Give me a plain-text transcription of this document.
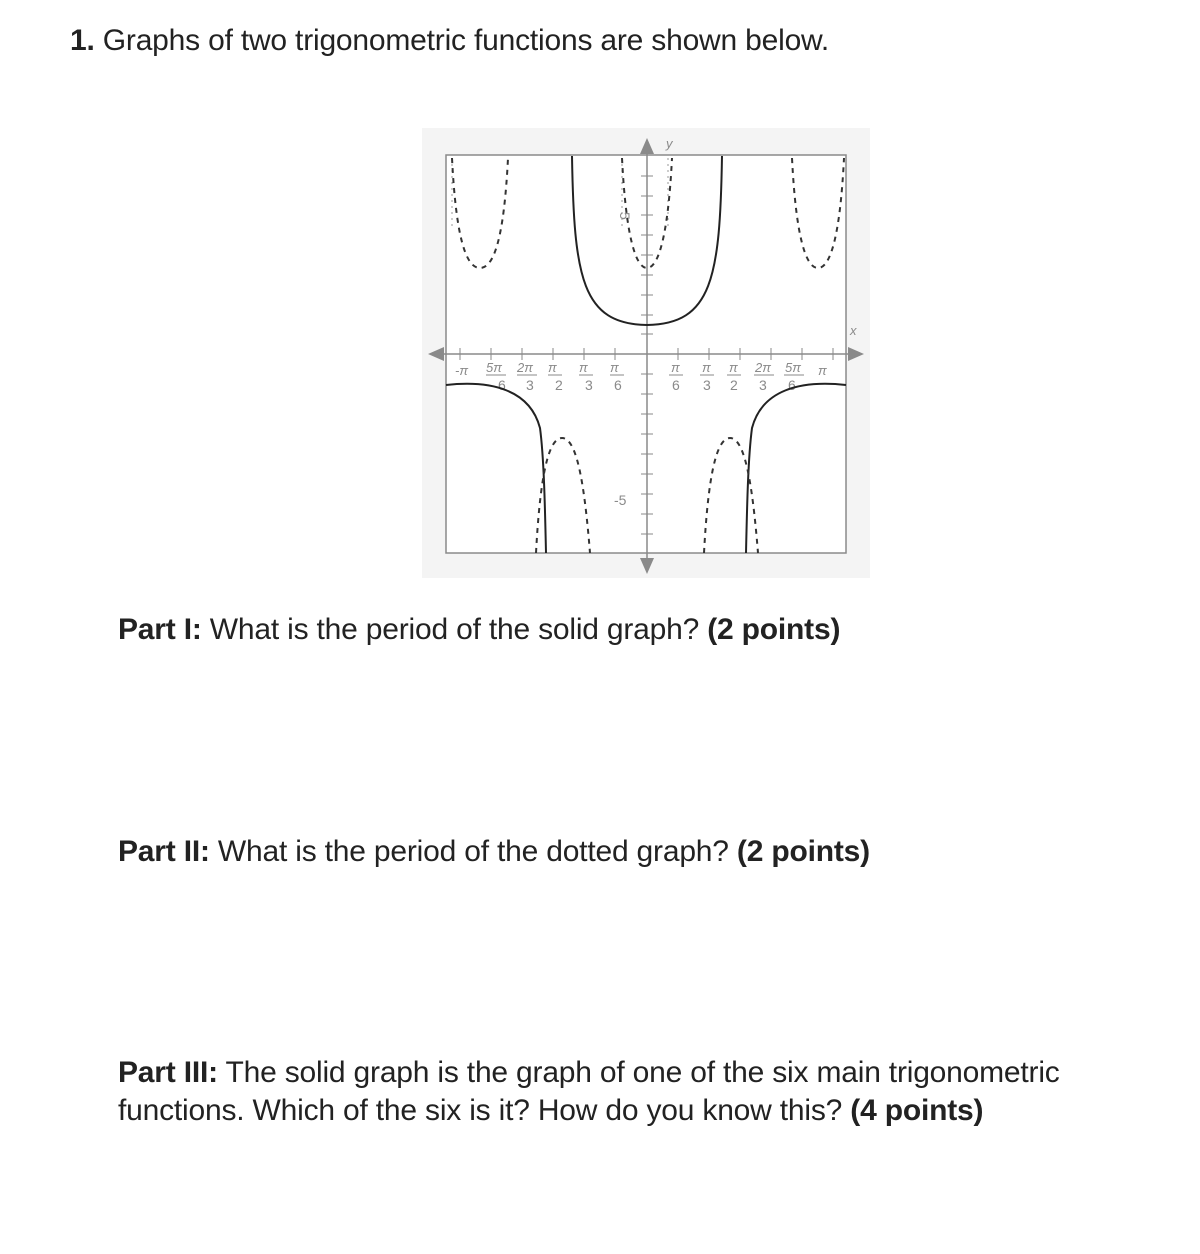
1. Graphs of two trigonometric functions are shown below.
y
x
5
-5
-π 5π 2π π π π
6 3 2 3 6
π π π 2π 5π π
6 3 2 3 6

Part I: What is the period of the solid graph? (2 points)

Part II: What is the period of the dotted graph? (2 points)

Part III: The solid graph is the graph of one of the six main trigonometric functions. Which of the six is it? How do you know this? (4 points)
